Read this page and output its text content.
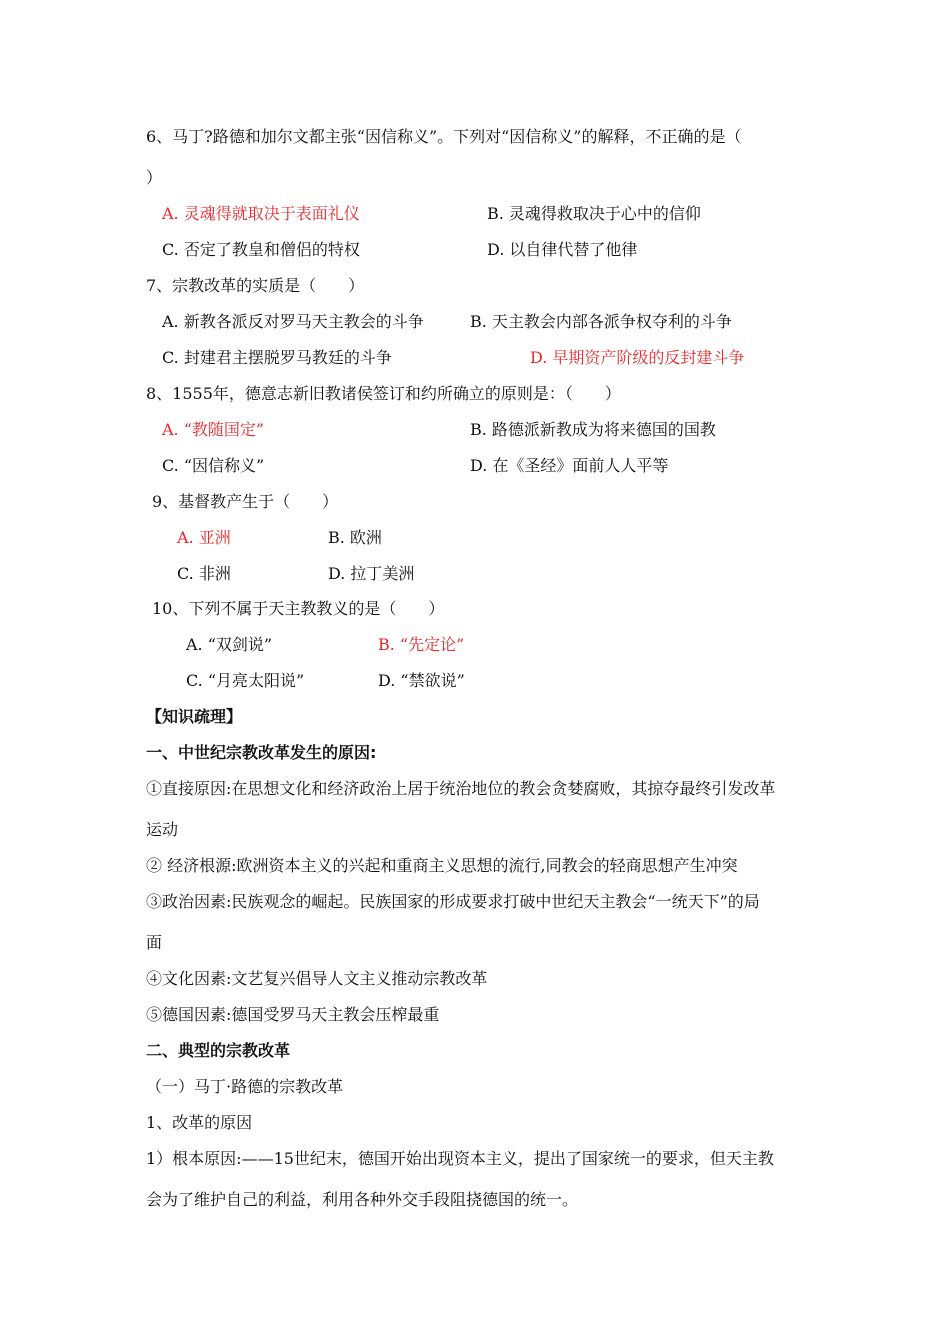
6、马丁?路德和加尔文都主张“因信称义”。下列对“因信称义”的解释，不正确的是（
）
A. 灵魂得就取决于表面礼仪	B. 灵魂得救取决于心中的信仰
C. 否定了教皇和僧侣的特权	D. 以自律代替了他律
7、宗教改革的实质是（　　）
A. 新教各派反对罗马天主教会的斗争	B. 天主教会内部各派争权夺利的斗争
C. 封建君主摆脱罗马教廷的斗争	D. 早期资产阶级的反封建斗争
8、1555年，德意志新旧教诸侯签订和约所确立的原则是：（　　）
A. “教随国定”	B. 路德派新教成为将来德国的国教
C. “因信称义”	D. 在《圣经》面前人人平等
9、基督教产生于（　　）
A. 亚洲	B. 欧洲
C. 非洲	D. 拉丁美洲
10、下列不属于天主教教义的是（　　）
A. “双剑说”	B. “先定论”
C. “月亮太阳说”	D. “禁欲说”
【知识疏理】
一、中世纪宗教改革发生的原因:
①直接原因:在思想文化和经济政治上居于统治地位的教会贪婪腐败，其掠夺最终引发改革
运动
② 经济根源:欧洲资本主义的兴起和重商主义思想的流行,同教会的轻商思想产生冲突
③政治因素:民族观念的崛起。民族国家的形成要求打破中世纪天主教会“一统天下”的局
面
④文化因素:文艺复兴倡导人文主义推动宗教改革
⑤德国因素:德国受罗马天主教会压榨最重
二、典型的宗教改革
（一）马丁·路德的宗教改革
1、改革的原因
1）根本原因:——15世纪末，德国开始出现资本主义，提出了国家统一的要求，但天主教
会为了维护自己的利益，利用各种外交手段阻挠德国的统一。
